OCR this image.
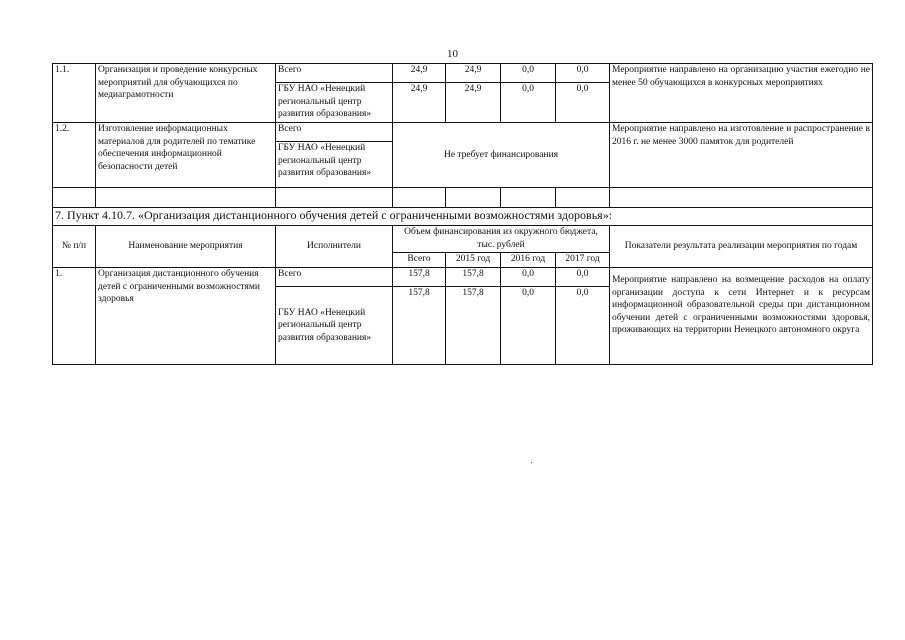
10
1.1.	Организация и проведение конкурсных мероприятий для обучающихся по медиаграмотности	Всего	24,9	24,9	0,0	0,0	Мероприятие направлено на организацию участия ежегодно не менее 50 обучающихся в конкурсных мероприятиях
		ГБУ НАО «Ненецкий региональный центр развития образования»	24,9	24,9	0,0	0,0	
1.2.	Изготовление информационных материалов для родителей по тематике обеспечения информационной безопасности детей	Всего	Не требует финансирования				Мероприятие направлено на изготовление и распространение в 2016 г. не менее 3000 памяток для родителей
		ГБУ НАО «Ненецкий региональный центр развития образования»					

7. Пункт 4.10.7. «Организация дистанционного обучения детей с ограниченными возможностями здоровья»:							
№ п/п	Наименование мероприятия	Исполнители	Объем финансирования из окружного бюджета, тыс. рублей				Показатели результата реализации мероприятия по годам
			Всего	2015 год	2016 год	2017 год	
1.	Организация дистанционного обучения детей с ограниченными возможностями здоровья	Всего	157,8	157,8	0,0	0,0	Мероприятие направлено на возмещение расходов на оплату организации доступа к сети Интернет и к ресурсам информационной образовательной среды при дистанционном обучении детей с ограниченными возможностями здоровья, проживающих на территории Ненецкого автономного округа
		ГБУ НАО «Ненецкий региональный центр развития образования»	157,8	157,8	0,0	0,0	
